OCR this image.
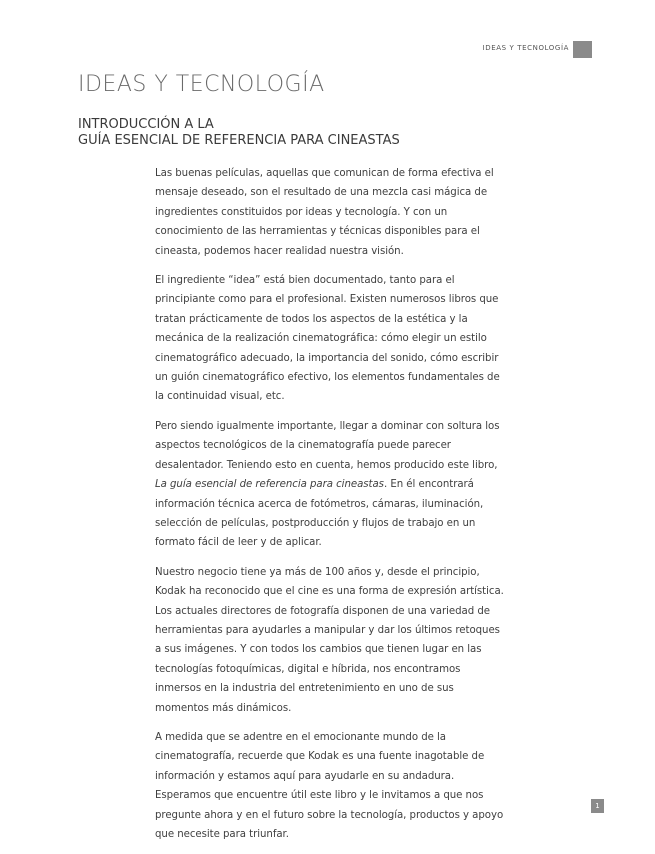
IDEAS Y TECNOLOGÍA
IDEAS Y TECNOLOGÍA
INTRODUCCIÓN A LA
GUÍA ESENCIAL DE REFERENCIA PARA CINEASTAS

Las buenas películas, aquellas que comunican de forma efectiva el mensaje deseado, son el resultado de una mezcla casi mágica de ingredientes constituidos por ideas y tecnología. Y con un conocimiento de las herramientas y técnicas disponibles para el cineasta, podemos hacer realidad nuestra visión.

El ingrediente “idea” está bien documentado, tanto para el principiante como para el profesional. Existen numerosos libros que tratan prácticamente de todos los aspectos de la estética y la mecánica de la realización cinematográfica: cómo elegir un estilo cinematográfico adecuado, la importancia del sonido, cómo escribir un guión cinematográfico efectivo, los elementos fundamentales de la continuidad visual, etc.

Pero siendo igualmente importante, llegar a dominar con soltura los aspectos tecnológicos de la cinematografía puede parecer desalentador. Teniendo esto en cuenta, hemos producido este libro, La guía esencial de referencia para cineastas. En él encontrará información técnica acerca de fotómetros, cámaras, iluminación, selección de películas, postproducción y flujos de trabajo en un formato fácil de leer y de aplicar.

Nuestro negocio tiene ya más de 100 años y, desde el principio, Kodak ha reconocido que el cine es una forma de expresión artística. Los actuales directores de fotografía disponen de una variedad de herramientas para ayudarles a manipular y dar los últimos retoques a sus imágenes. Y con todos los cambios que tienen lugar en las tecnologías fotoquímicas, digital e híbrida, nos encontramos inmersos en la industria del entretenimiento en uno de sus momentos más dinámicos.

A medida que se adentre en el emocionante mundo de la cinematografía, recuerde que Kodak es una fuente inagotable de información y estamos aquí para ayudarle en su andadura. Esperamos que encuentre útil este libro y le invitamos a que nos pregunte ahora y en el futuro sobre la tecnología, productos y apoyo que necesite para triunfar.

1
